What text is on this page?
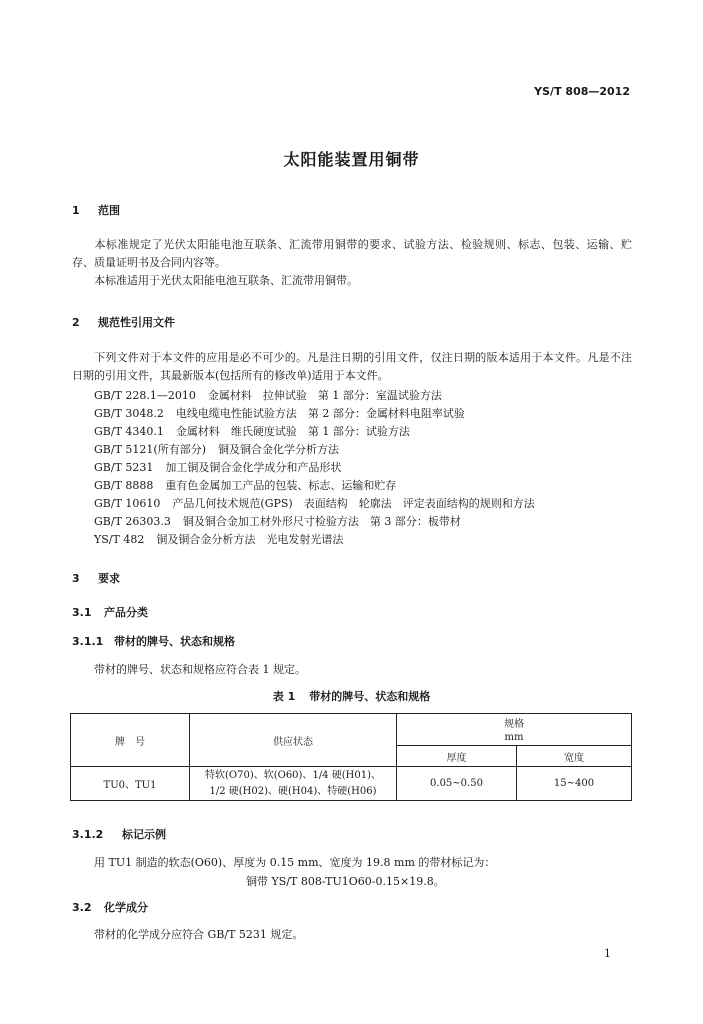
YS/T 808—2012
太阳能装置用铜带
1 范围
本标准规定了光伏太阳能电池互联条、汇流带用铜带的要求、试验方法、检验规则、标志、包装、运输、贮存、质量证明书及合同内容等。
本标准适用于光伏太阳能电池互联条、汇流带用铜带。
2 规范性引用文件
下列文件对于本文件的应用是必不可少的。凡是注日期的引用文件，仅注日期的版本适用于本文件。凡是不注日期的引用文件，其最新版本(包括所有的修改单)适用于本文件。
GB/T 228.1—2010 金属材料　拉伸试验　第 1 部分：室温试验方法
GB/T 3048.2 电线电缆电性能试验方法　第 2 部分：金属材料电阻率试验
GB/T 4340.1 金属材料　维氏硬度试验　第 1 部分：试验方法
GB/T 5121(所有部分) 铜及铜合金化学分析方法
GB/T 5231 加工铜及铜合金化学成分和产品形状
GB/T 8888 重有色金属加工产品的包装、标志、运输和贮存
GB/T 10610 产品几何技术规范(GPS)　表面结构　轮廓法　评定表面结构的规则和方法
GB/T 26303.3 铜及铜合金加工材外形尺寸检验方法　第 3 部分：板带材
YS/T 482 铜及铜合金分析方法　光电发射光谱法
3 要求
3.1 产品分类
3.1.1 带材的牌号、状态和规格
带材的牌号、状态和规格应符合表 1 规定。
表 1 带材的牌号、状态和规格
牌　号	供应状态	规格	
		mm	
		厚度	宽度
TU0、TU1	特软(O70)、软(O60)、1/4 硬(H01)、
1/2 硬(H02)、硬(H04)、特硬(H06)	0.05~0.50	15~400
3.1.2 标记示例
用 TU1 制造的软态(O60)、厚度为 0.15 mm、宽度为 19.8 mm 的带材标记为：
铜带 YS/T 808-TU1O60-0.15×19.8。
3.2 化学成分
带材的化学成分应符合 GB/T 5231 规定。
1
